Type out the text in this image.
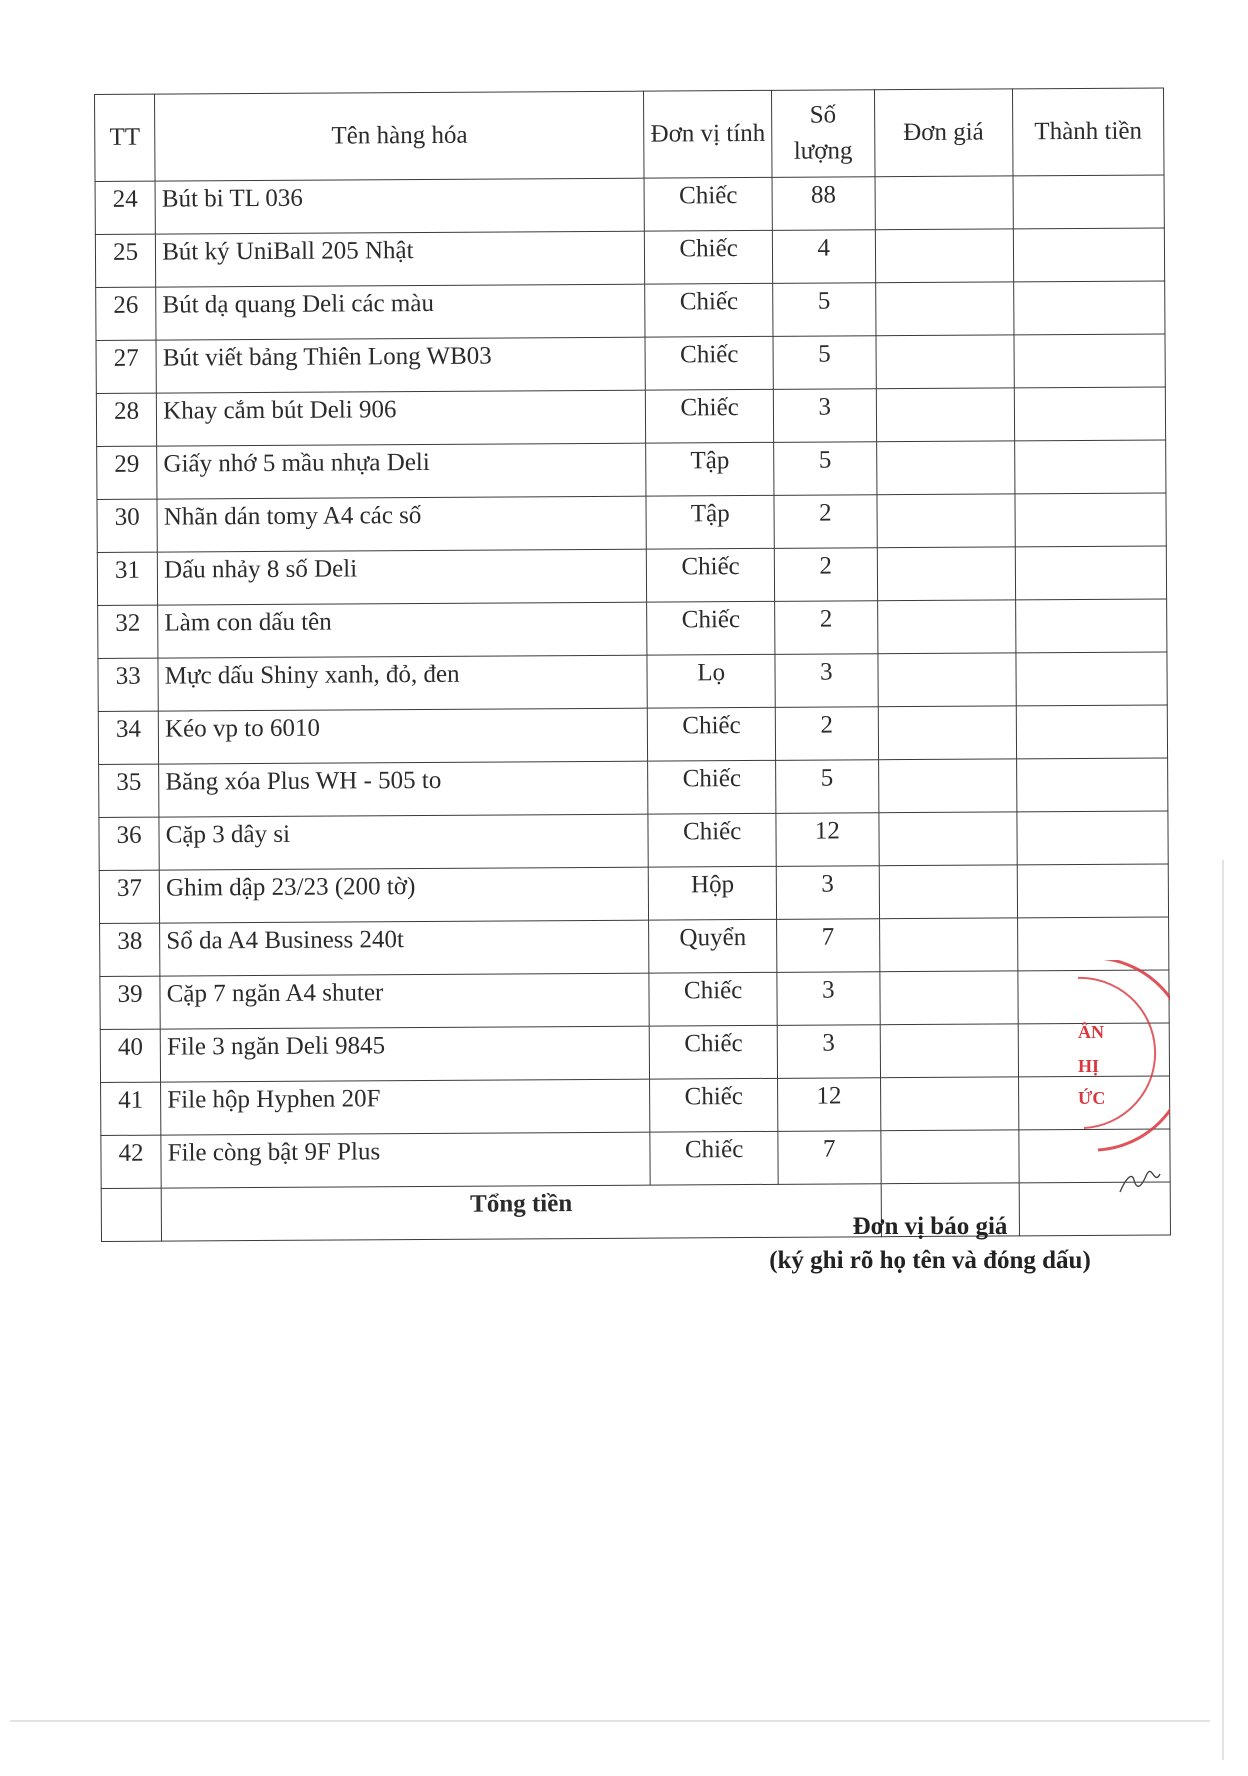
TT	Tên hàng hóa	Đơn vị tính	Số lượng	Đơn giá	Thành tiền
24	Bút bi TL 036	Chiếc	88		
25	Bút ký UniBall 205 Nhật	Chiếc	4		
26	Bút dạ quang Deli các màu	Chiếc	5		
27	Bút viết bảng Thiên Long WB03	Chiếc	5		
28	Khay cắm bút Deli 906	Chiếc	3		
29	Giấy nhớ 5 mầu nhựa Deli	Tập	5		
30	Nhãn dán tomy A4 các số	Tập	2		
31	Dấu nhảy 8 số Deli	Chiếc	2		
32	Làm con dấu tên	Chiếc	2		
33	Mực dấu Shiny xanh, đỏ, đen	Lọ	3		
34	Kéo vp to 6010	Chiếc	2		
35	Băng xóa Plus WH - 505 to	Chiếc	5		
36	Cặp 3 dây si	Chiếc	12		
37	Ghim dập 23/23 (200 tờ)	Hộp	3		
38	Sổ da A4 Business 240t	Quyển	7		
39	Cặp 7 ngăn A4 shuter	Chiếc	3		
40	File 3 ngăn Deli 9845	Chiếc	3		
41	File hộp Hyphen 20F	Chiếc	12		
42	File còng bật 9F Plus	Chiếc	7		
	Tổng tiền				
ÂN
HỊ
ỨC
Đơn vị báo giá
(ký ghi rõ họ tên và đóng dấu)
